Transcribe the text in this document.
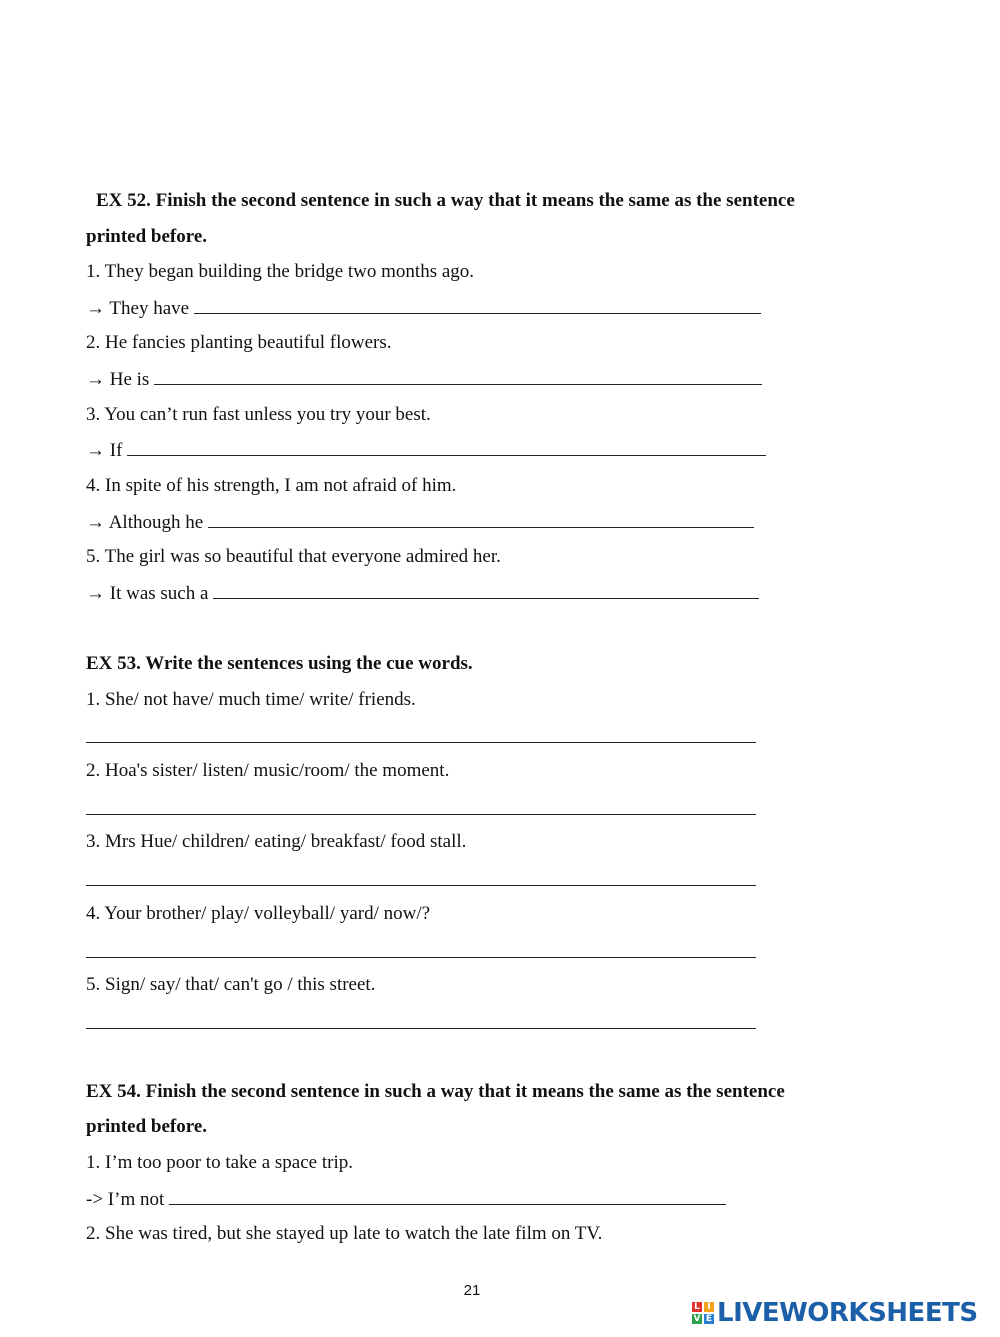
EX 52. Finish the second sentence in such a way that it means the same as the sentence
printed before.
1. They began building the bridge two months ago.
→ They have
2. He fancies planting beautiful flowers.
→ He is
3. You can’t run fast unless you try your best.
→ If
4. In spite of his strength, I am not afraid of him.
→ Although he
5. The girl was so beautiful that everyone admired her.
→ It was such a
EX 53. Write the sentences using the cue words.
1. She/ not have/ much time/ write/ friends.
2. Hoa's sister/ listen/ music/room/ the moment.
3. Mrs Hue/ children/ eating/ breakfast/ food stall.
4. Your brother/ play/ volleyball/ yard/ now/?
5. Sign/ say/ that/ can't go / this street.
EX 54. Finish the second sentence in such a way that it means the same as the sentence
printed before.
1. I’m too poor to take a space trip.
-> I’m not
2. She was tired, but she stayed up late to watch the late film on TV.
21
L I
V E LIVEWORKSHEETS
